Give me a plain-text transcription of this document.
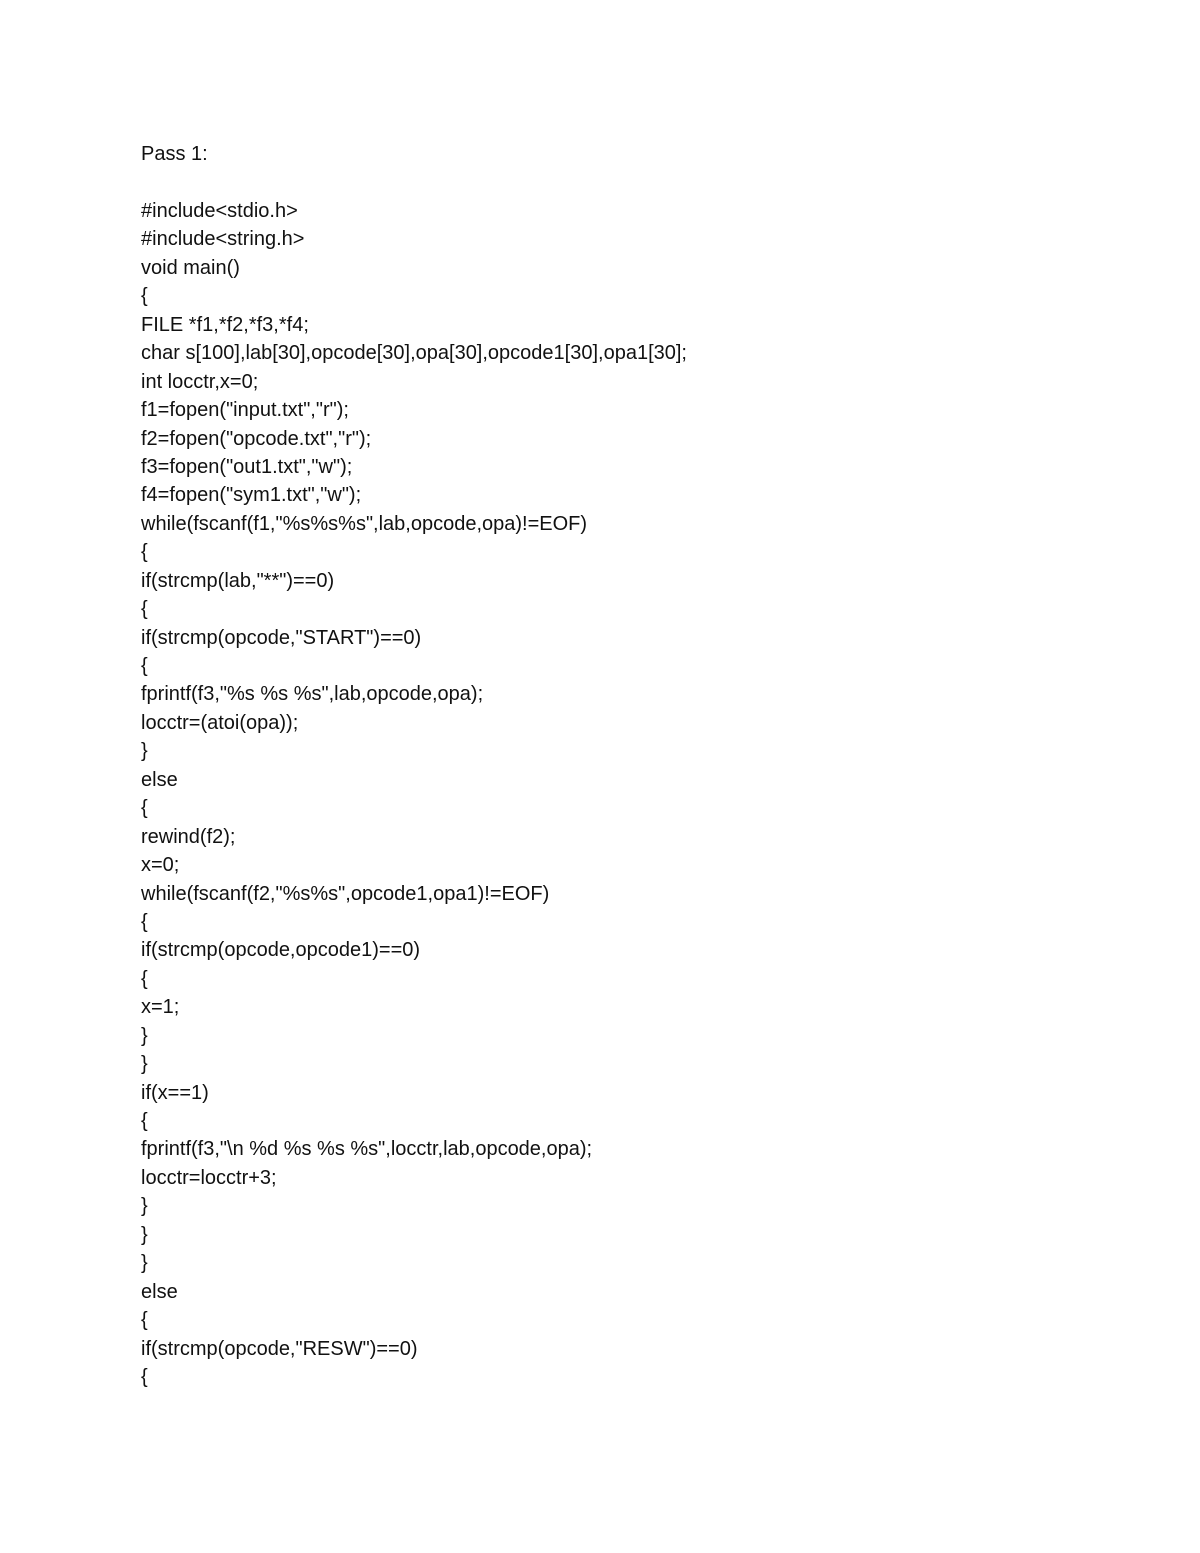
Pass 1:
#include<stdio.h>
#include<string.h>
void main()
{
FILE *f1,*f2,*f3,*f4;
char s[100],lab[30],opcode[30],opa[30],opcode1[30],opa1[30];
int locctr,x=0;
f1=fopen("input.txt","r");
f2=fopen("opcode.txt","r");
f3=fopen("out1.txt","w");
f4=fopen("sym1.txt","w");
while(fscanf(f1,"%s%s%s",lab,opcode,opa)!=EOF)
{
if(strcmp(lab,"**")==0)
{
if(strcmp(opcode,"START")==0)
{
fprintf(f3,"%s %s %s",lab,opcode,opa);
locctr=(atoi(opa));
}
else
{
rewind(f2);
x=0;
while(fscanf(f2,"%s%s",opcode1,opa1)!=EOF)
{
if(strcmp(opcode,opcode1)==0)
{
x=1;
}
}
if(x==1)
{
fprintf(f3,"\n %d %s %s %s",locctr,lab,opcode,opa);
locctr=locctr+3;
}
}
}
else
{
if(strcmp(opcode,"RESW")==0)
{
